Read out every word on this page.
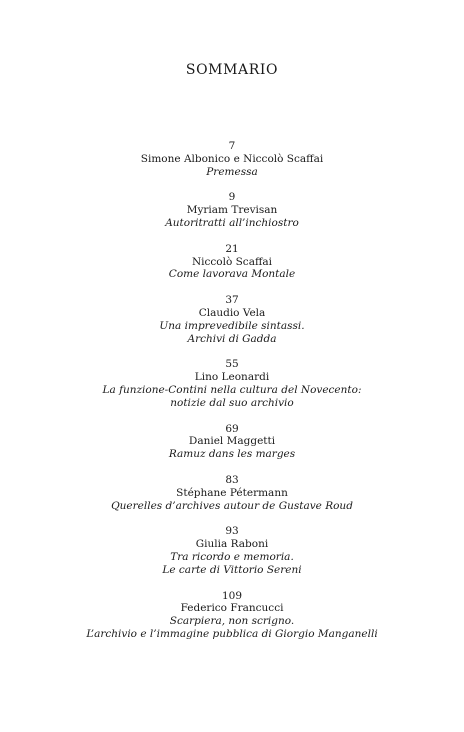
SOMMARIO
7
Simone Albonico e Niccolò Scaffai
Premessa
9
Myriam Trevisan
Autoritratti all’inchiostro
21
Niccolò Scaffai
Come lavorava Montale
37
Claudio Vela
Una imprevedibile sintassi.
Archivi di Gadda
55
Lino Leonardi
La funzione-Contini nella cultura del Novecento:
notizie dal suo archivio
69
Daniel Maggetti
Ramuz dans les marges
83
Stéphane Pétermann
Querelles d’archives autour de Gustave Roud
93
Giulia Raboni
Tra ricordo e memoria.
Le carte di Vittorio Sereni
109
Federico Francucci
Scarpiera, non scrigno.
L’archivio e l’immagine pubblica di Giorgio Manganelli
